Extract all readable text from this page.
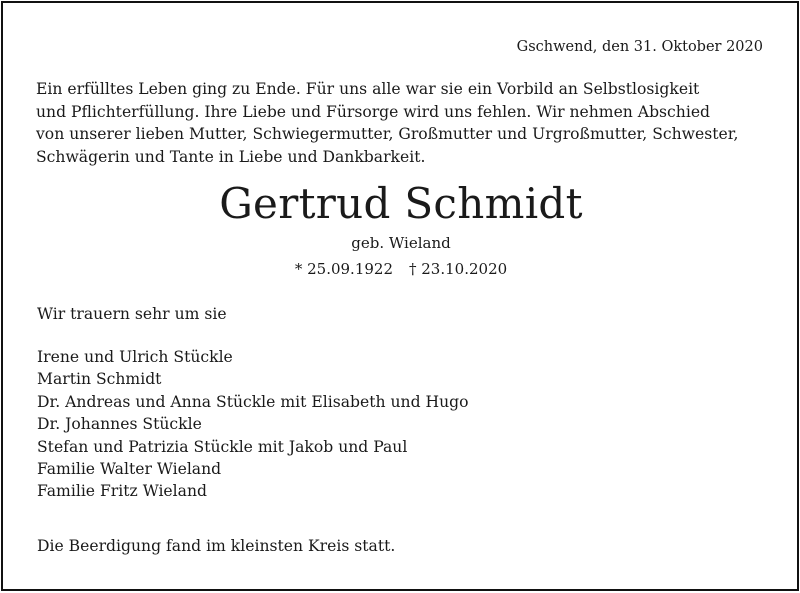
Gschwend, den 31. Oktober 2020
Ein erfülltes Leben ging zu Ende. Für uns alle war sie ein Vorbild an Selbstlosigkeit
und Pflichterfüllung. Ihre Liebe und Fürsorge wird uns fehlen. Wir nehmen Abschied
von unserer lieben Mutter, Schwiegermutter, Großmutter und Urgroßmutter, Schwester,
Schwägerin und Tante in Liebe und Dankbarkeit.
Gertrud Schmidt
geb. Wieland
* 25.09.1922 † 23.10.2020
Wir trauern sehr um sie
Irene und Ulrich Stückle
Martin Schmidt
Dr. Andreas und Anna Stückle mit Elisabeth und Hugo
Dr. Johannes Stückle
Stefan und Patrizia Stückle mit Jakob und Paul
Familie Walter Wieland
Familie Fritz Wieland
Die Beerdigung fand im kleinsten Kreis statt.
